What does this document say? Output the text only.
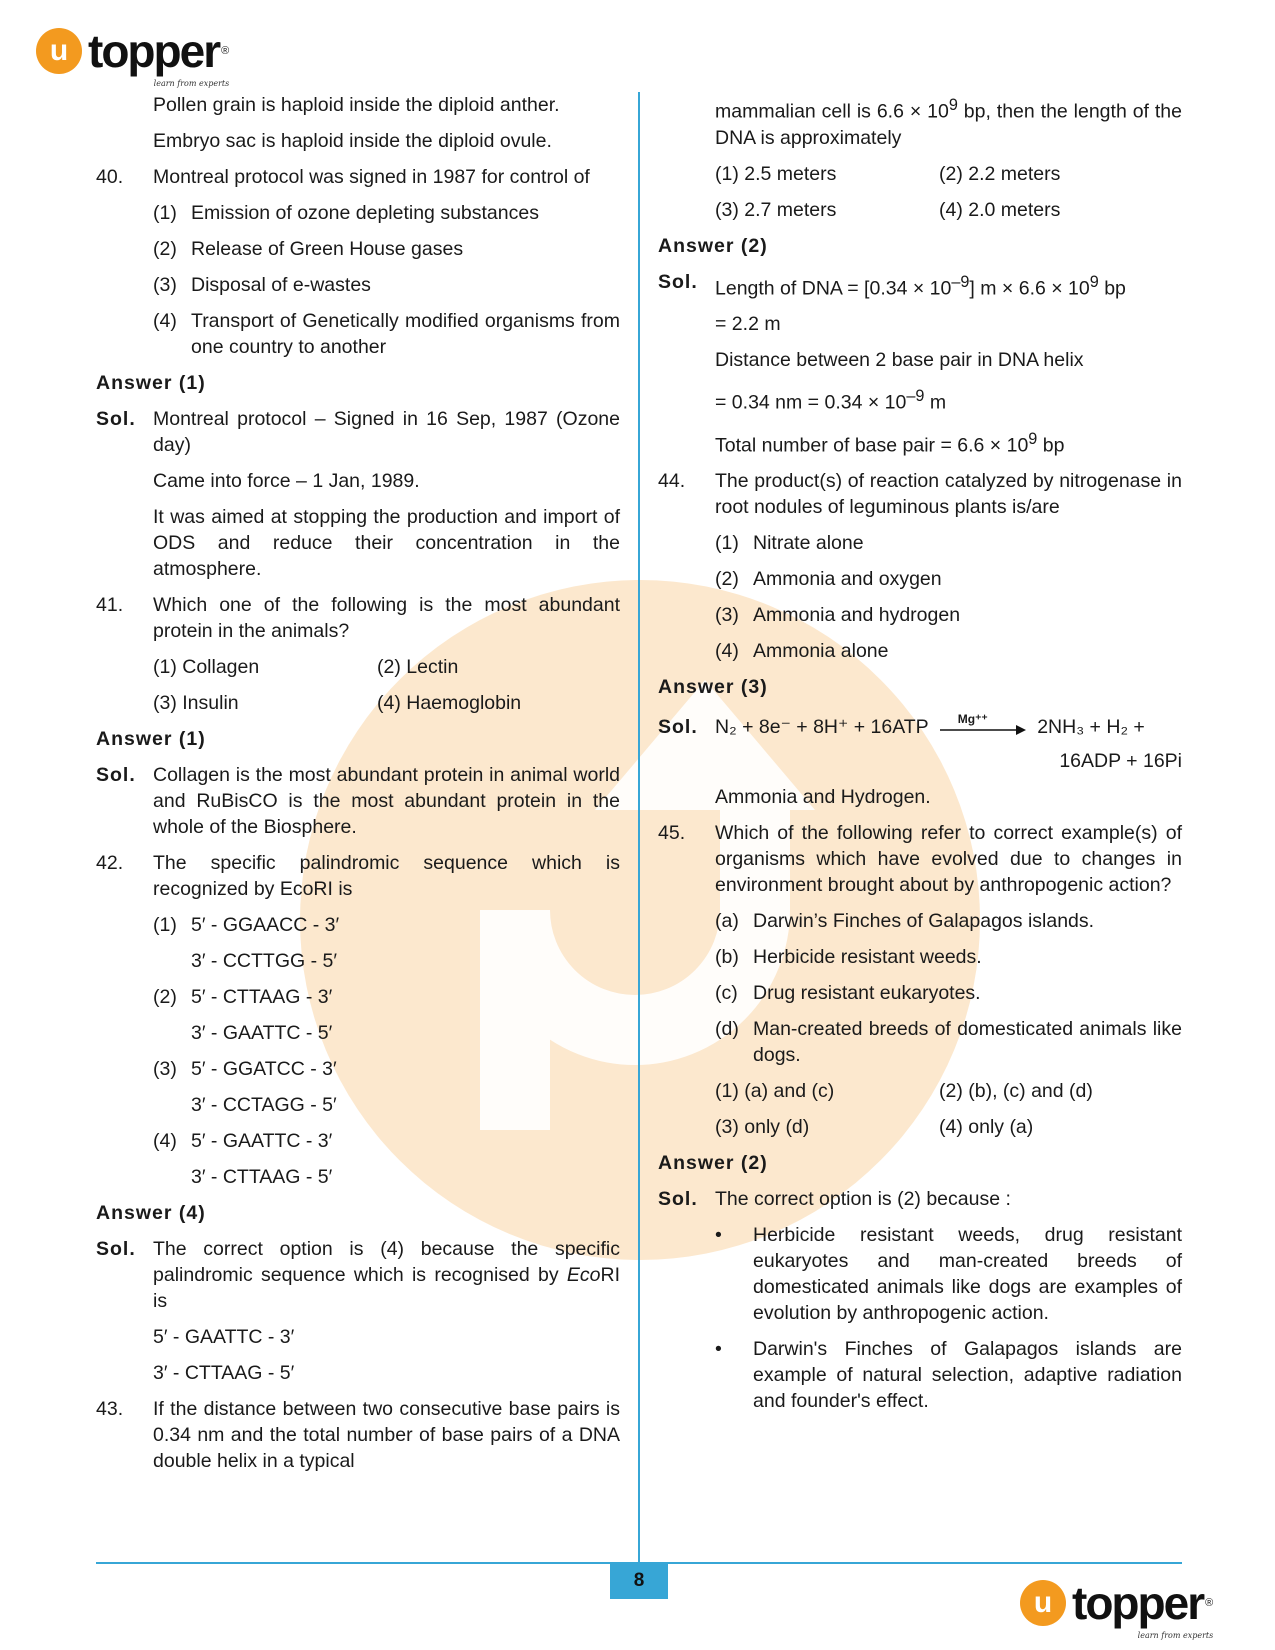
u topper ®
learn from experts

Pollen grain is haploid inside the diploid anther.

Embryo sac is haploid inside the diploid ovule.

40.	Montreal protocol was signed in 1987 for control of
(1) Emission of ozone depleting substances
(2) Release of Green House gases
(3) Disposal of e-wastes
(4) Transport of Genetically modified organisms from one country to another

Answer (1)

Sol. Montreal protocol – Signed in 16 Sep, 1987 (Ozone day)

Came into force – 1 Jan, 1989.

It was aimed at stopping the production and import of ODS and reduce their concentration in the atmosphere.

41.	Which one of the following is the most abundant protein in the animals?
(1) Collagen	(2) Lectin
(3) Insulin	(4) Haemoglobin

Answer (1)

Sol. Collagen is the most abundant protein in animal world and RuBisCO is the most abundant protein in the whole of the Biosphere.
42.	The specific palindromic sequence which is recognized by EcoRI is
(1) 5′ - GGAACC - 3′

3′ - CCTTGG - 5′

(2) 5′ - CTTAAG - 3′

3′ - GAATTC - 5′

(3) 5′ - GGATCC - 3′

3′ - CCTAGG - 5′

(4) 5′ - GAATTC - 3′

3′ - CTTAAG - 5′

Answer (4)

Sol. The correct option is (4) because the specific palindromic sequence which is recognised by EcoRI is

5′ - GAATTC - 3′

3′ - CTTAAG - 5′

43.	If the distance between two consecutive base pairs is 0.34 nm and the total number of base pairs of a DNA double helix in a typical

mammalian cell is $6.6 \times 10^9$ bp, then the length of the DNA is approximately

(1) 2.5 meters	(2) 2.2 meters
(3) 2.7 meters	(4) 2.0 meters

Answer (2)

Sol. Length of DNA = $[0.34 \times 10^{-9}]$ $m \times 6.6 \times 10^9$ bp

= 2.2 m

Distance between 2 base pair in DNA helix

= 0.34 nm = $0.34 \times 10^{-9}$ m

Total number of base pair = $6.6 \times 10^9$ bp

44.	The product(s) of reaction catalyzed by nitrogenase in root nodules of leguminous plants is/are
(1) Nitrate alone
(2) Ammonia and oxygen
(3) Ammonia and hydrogen
(4) Ammonia alone

Answer (3)

Sol. N₂ + 8e⁻ + 8H⁺ + 16ATP Mg⁺⁺	2NH₃ + H₂ +

16ADP + 16Pi

Ammonia and Hydrogen.

45.	Which of the following refer to correct example(s) of organisms which have evolved due to changes in environment brought about by anthropogenic action?
(a) Darwin’s Finches of Galapagos islands.
(b) Herbicide resistant weeds.
(c) Drug resistant eukaryotes.
(d) Man-created breeds of domesticated animals like dogs.
(1) (a) and (c)	(2) (b), (c) and (d)
(3) only (d)	(4) only (a)

Answer (2)

Sol. The correct option is (2) because :
•	Herbicide resistant weeds, drug resistant eukaryotes and man-created breeds of domesticated animals like dogs are examples of evolution by anthropogenic action.
•	Darwin's Finches of Galapagos islands are example of natural selection, adaptive radiation and founder's effect.
8
u topper ®
learn from experts
